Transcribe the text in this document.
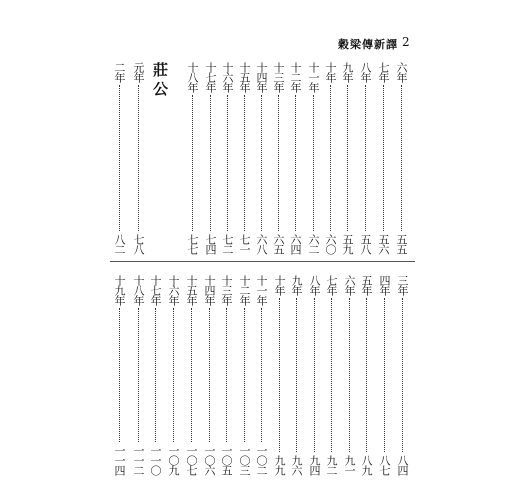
穀梁傳新譯 2
二年
八二
元年
七八
莊公 十八年
七七
十七年
七四
十六年
七二
十五年
七一
十四年
六八
十三年
六五
十二年
六四
十一年
六二
十年
六〇
九年
五九
八年
五八
七年
五六
六年
五五
十九年
一一四
十八年
一一二
十七年
一一〇
十六年
一〇九
十五年
一〇七
十四年
一〇六
十三年
一〇五
十二年
一〇三
十一年
一〇二
十年
九九
九年
九六
八年
九四
七年
九二
六年
九一
五年
八九
四年
八七
三年
八四
